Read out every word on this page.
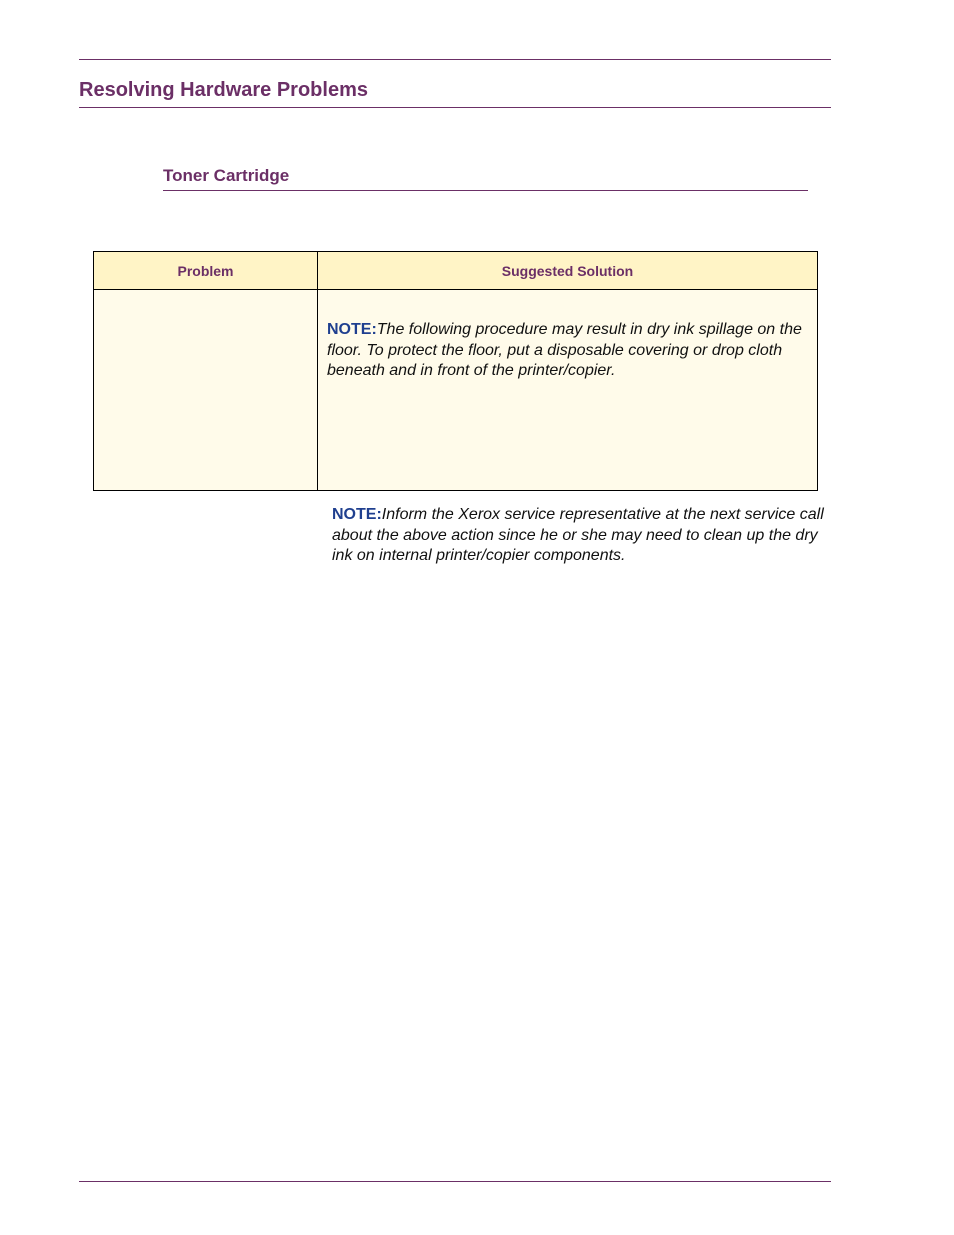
Resolving Hardware Problems
Toner Cartridge
Problem	Suggested Solution

	NOTE:The following procedure may result in dry ink spillage on the floor. To protect the floor, put a disposable covering or drop cloth beneath and in front of the printer/copier.
NOTE:Inform the Xerox service representative at the next service call about the above action since he or she may need to clean up the dry ink on internal printer/copier components.
